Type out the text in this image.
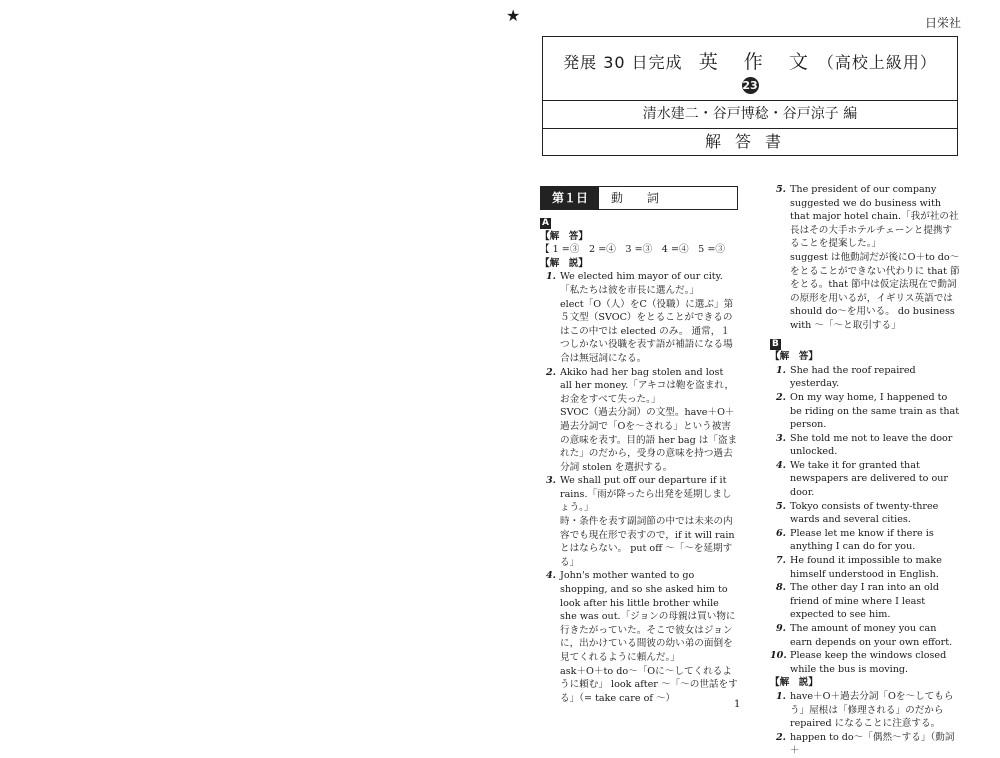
★	日栄社
発展 30 日完成 英 作 文（高校上級用）
23
清水建二・谷戸博稔・谷戸涼子 編
解答書
第１日	動 詞
A
【解　答】
【 1 =③　2 =④　3 =③　4 =④　5 =③
【解　説】
1. We elected him mayor of our city.「私たちは彼を市長に選んだ。」
elect「O（人）をC（役職）に選ぶ」第５文型（SVOC）をとることができるのはこの中では elected のみ。 通常，１つしかない役職を表す語が補語になる場合は無冠詞になる。
2. Akiko had her bag stolen and lost all her money.「アキコは鞄を盗まれ，お金をすべて失った。」
SVOC（過去分詞）の文型。have＋O＋過去分詞で「Oを～される」という被害の意味を表す。目的語 her bag は「盗まれた」のだから，受身の意味を持つ過去分詞 stolen を選択する。
3. We shall put off our departure if it rains.「雨が降ったら出発を延期しましょう。」
時・条件を表す副詞節の中では未来の内容でも現在形で表すので，if it will rain とはならない。 put off ～「～を延期する」
4. John's mother wanted to go shopping, and so she asked him to look after his little brother while she was out.「ジョンの母親は買い物に行きたがっていた。そこで彼女はジョンに，出かけている間彼の幼い弟の面倒を見てくれるように頼んだ。」
ask＋O＋to do～「Oに～してくれるように頼む」 look after ～「～の世話をする」（= take care of ～）
5. The president of our company suggested we do business with that major hotel chain.「我が社の社長はその大手ホテルチェーンと提携することを提案した。」
suggest は他動詞だが後にO＋to do～をとることができない代わりに that 節をとる。that 節中は仮定法現在で動詞の原形を用いるが，イギリス英語では should do～を用いる。 do business with ～「～と取引する」
B
【解　答】
1. She had the roof repaired yesterday.
2. On my way home, I happened to be riding on the same train as that person.
3. She told me not to leave the door unlocked.
4. We take it for granted that newspapers are delivered to our door.
5. Tokyo consists of twenty-three wards and several cities.
6. Please let me know if there is anything I can do for you.
7. He found it impossible to make himself understood in English.
8. The other day I ran into an old friend of mine where I least expected to see him.
9. The amount of money you can earn depends on your own effort.
10. Please keep the windows closed while the bus is moving.
【解　説】
1. have＋O＋過去分詞「Oを～してもらう」屋根は「修理される」のだから repaired になることに注意する。
2. happen to do～「偶然～する」（動詞＋
1
